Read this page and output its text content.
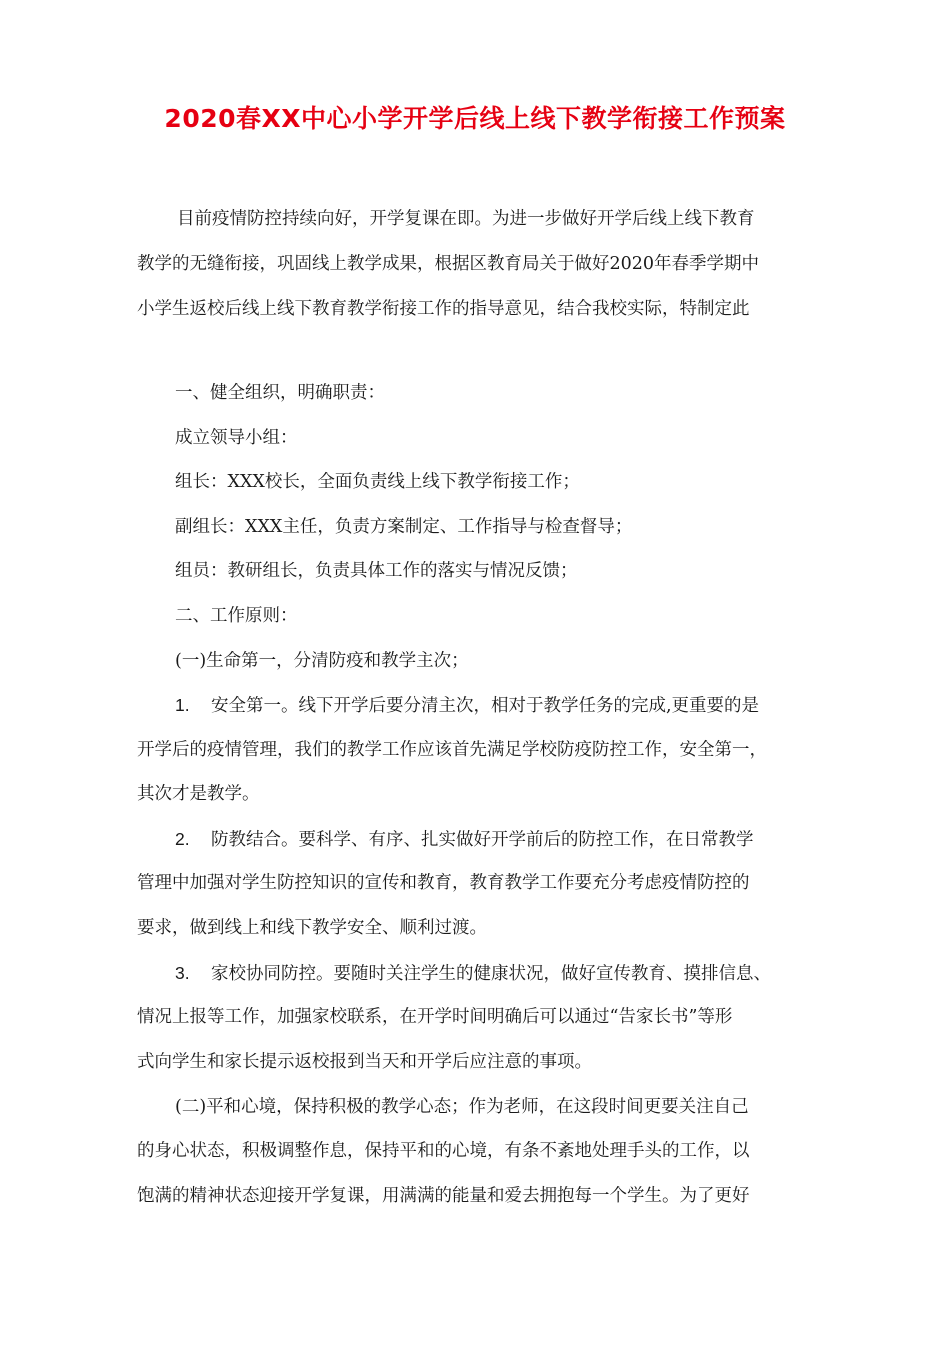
2020春XX中心小学开学后线上线下教学衔接工作预案
目前疫情防控持续向好，开学复课在即。为进一步做好开学后线上线下教育
教学的无缝衔接，巩固线上教学成果，根据区教育局关于做好2020年春季学期中
小学生返校后线上线下教育教学衔接工作的指导意见，结合我校实际，特制定此
一、健全组织，明确职责：
成立领导小组：
组长：XXX校长，全面负责线上线下教学衔接工作；
副组长：XXX主任，负责方案制定、工作指导与检查督导；
组员：教研组长，负责具体工作的落实与情况反馈；
二、工作原则：
(一)生命第一，分清防疫和教学主次；
1. 安全第一。线下开学后要分清主次，相对于教学任务的完成,更重要的是
开学后的疫情管理，我们的教学工作应该首先满足学校防疫防控工作，安全第一，
其次才是教学。
2. 防教结合。要科学、有序、扎实做好开学前后的防控工作，在日常教学
管理中加强对学生防控知识的宣传和教育，教育教学工作要充分考虑疫情防控的
要求，做到线上和线下教学安全、顺利过渡。
3. 家校协同防控。要随时关注学生的健康状况，做好宣传教育、摸排信息、
情况上报等工作，加强家校联系，在开学时间明确后可以通过“告家长书”等形
式向学生和家长提示返校报到当天和开学后应注意的事项。
(二)平和心境，保持积极的教学心态；作为老师，在这段时间更要关注自己
的身心状态，积极调整作息，保持平和的心境，有条不紊地处理手头的工作，以
饱满的精神状态迎接开学复课，用满满的能量和爱去拥抱每一个学生。为了更好
